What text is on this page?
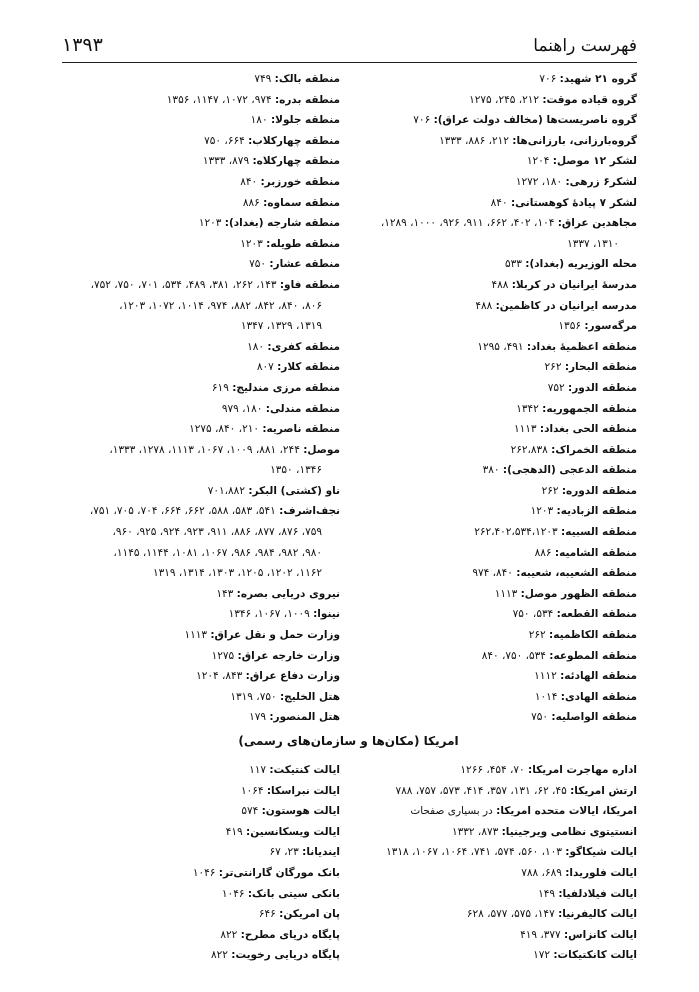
فهرست راهنما
۱۳۹۳
گروه ۲۱ شهید: ۷۰۶
گروه قیاده موقت: ۲۱۲، ۲۴۵، ۱۲۷۵
گروه ناصریست‌ها (مخالف دولت عراق): ۷۰۶
گروه‌بارزانی، بارزانی‌ها: ۲۱۲، ۸۸۶، ۱۳۳۳
لشکر ۱۲ موصل: ۱۲۰۴
لشکر۶ زرهی: ۱۸۰، ۱۲۷۲
لشکر ۷ پیادهٔ کوهستانی: ۸۴۰
مجاهدین عراق: ۱۰۴، ۴۰۲، ۶۶۲، ۹۱۱، ۹۲۶، ۱۰۰۰، ۱۲۸۹،
۱۳۱۰، ۱۳۳۷
محله الوزیریه (بغداد): ۵۳۳
مدرسهٔ ایرانیان در کربلا: ۴۸۸
مدرسه ایرانیان در کاظمین: ۴۸۸
مرگه‌سور: ۱۳۵۶
منطقه اعظمیهٔ بغداد: ۴۹۱، ۱۲۹۵
منطقه البحار: ۲۶۲
منطقه الدور: ۷۵۲
منطقه الجمهوریه: ۱۳۴۲
منطقه الحی بغداد: ۱۱۱۳
منطقه الخمراک: ۲۶۲،۸۳۸
منطقه الدعجی (الدهجی): ۳۸۰
منطقه الدوره: ۲۶۲
منطقه الزبادیه: ۱۲۰۳
منطقه السبیه: ۲۶۲،۴۰۲،۵۳۴،۱۲۰۳
منطقه الشامیه: ۸۸۶
منطقه الشعیبه، شعیبه: ۸۴۰، ۹۷۴
منطقه الظهور موصل: ۱۱۱۳
منطقه القطعه: ۵۳۴، ۷۵۰
منطقه الکاظمیه: ۲۶۲
منطقه المطوعه: ۵۳۴، ۷۵۰، ۸۴۰
منطقه الهادئه: ۱۱۱۲
منطقه الهادی: ۱۰۱۴
منطقه الواصلیه: ۷۵۰
منطقه بالک: ۷۴۹
منطقه بدره: ۹۷۴، ۱۰۷۲، ۱۱۴۷، ۱۳۵۶
منطقه جلولا: ۱۸۰
منطقه چهارکلاب: ۶۶۴، ۷۵۰
منطقه چهارکلاه: ۸۷۹، ۱۳۳۳
منطقه خورزبر: ۸۴۰
منطقه سماوه: ۸۸۶
منطقه شارجه (بغداد): ۱۲۰۳
منطقه طویله: ۱۲۰۳
منطقه عشار: ۷۵۰
منطقه فاو: ۱۴۳، ۲۶۲، ۳۸۱، ۴۸۹، ۵۳۴، ۷۰۱، ۷۵۰، ۷۵۲،
۸۰۶، ۸۴۰، ۸۴۲، ۸۸۲، ۹۷۴، ۱۰۱۴، ۱۰۷۲، ۱۲۰۳،
۱۳۱۹، ۱۳۲۹، ۱۳۴۷
منطقه کفری: ۱۸۰
منطقه کلار: ۸۰۷
منطقه مرزی مندلیج: ۶۱۹
منطقه مندلی: ۱۸۰، ۹۷۹
منطقه ناصریه: ۲۱۰، ۸۴۰، ۱۲۷۵
موصل: ۲۴۴، ۸۸۱، ۱۰۰۹، ۱۰۶۷، ۱۱۱۳، ۱۲۷۸، ۱۳۳۳،
۱۳۴۶، ۱۳۵۰
ناو (کشتی) البکر: ۷۰۱،۸۸۲
نجف‌اشرف: ۵۴۱، ۵۸۳، ۵۸۸، ۶۶۲، ۶۶۴، ۷۰۴، ۷۰۵، ۷۵۱،
۷۵۹، ۸۷۶، ۸۷۷، ۸۸۶، ۹۱۱، ۹۲۳، ۹۲۴، ۹۲۵، ۹۶۰،
۹۸۰، ۹۸۲، ۹۸۴، ۹۸۶، ۱۰۶۷، ۱۰۸۱، ۱۱۴۴، ۱۱۴۵،
۱۱۶۲، ۱۲۰۲، ۱۲۰۵، ۱۳۰۳، ۱۳۱۴، ۱۳۱۹
نیروی دریایی بصره: ۱۴۳
نینوا: ۱۰۰۹، ۱۰۶۷، ۱۳۴۶
وزارت حمل و نقل عراق: ۱۱۱۳
وزارت خارجه عراق: ۱۲۷۵
وزارت دفاع عراق: ۸۴۳، ۱۲۰۴
هتل الخلیج: ۷۵۰، ۱۳۱۹
هتل المنصور: ۱۷۹
امریکا (مکان‌ها و سازمان‌های رسمی)
اداره مهاجرت امریکا: ۷۰، ۴۵۴، ۱۲۶۶
ارتش امریکا: ۴۵، ۶۲، ۱۳۱، ۳۵۷، ۴۱۴، ۵۷۳، ۷۵۷، ۷۸۸
امریکا، ایالات متحده امریکا: در بسیاری صفحات
انستیتوی نظامی ویرجینیا: ۸۷۳، ۱۳۳۲
ایالت شیکاگو: ۱۰۳، ۵۶۰، ۵۷۴، ۷۴۱، ۱۰۶۴، ۱۰۶۷، ۱۳۱۸
ایالت فلوریدا: ۶۸۹، ۷۸۸
ایالت فیلادلفیا: ۱۴۹
ایالت کالیفرنیا: ۱۴۷، ۵۷۵، ۵۷۷، ۶۲۸
ایالت کانزاس: ۳۷۷، ۴۱۹
ایالت کانکتیکات: ۱۷۲
ایالت کنتیکت: ۱۱۷
ایالت نبراسکا: ۱۰۶۴
ایالت هوستون: ۵۷۴
ایالت ویسکانسین: ۴۱۹
ایندیانا: ۲۳، ۶۷
بانک مورگان گارانتی‌تر: ۱۰۴۶
بانکی سیتی بانک: ۱۰۴۶
پان امریکن: ۶۴۶
پایگاه دریای مطرح: ۸۲۲
پایگاه دریایی رخویت: ۸۲۲
